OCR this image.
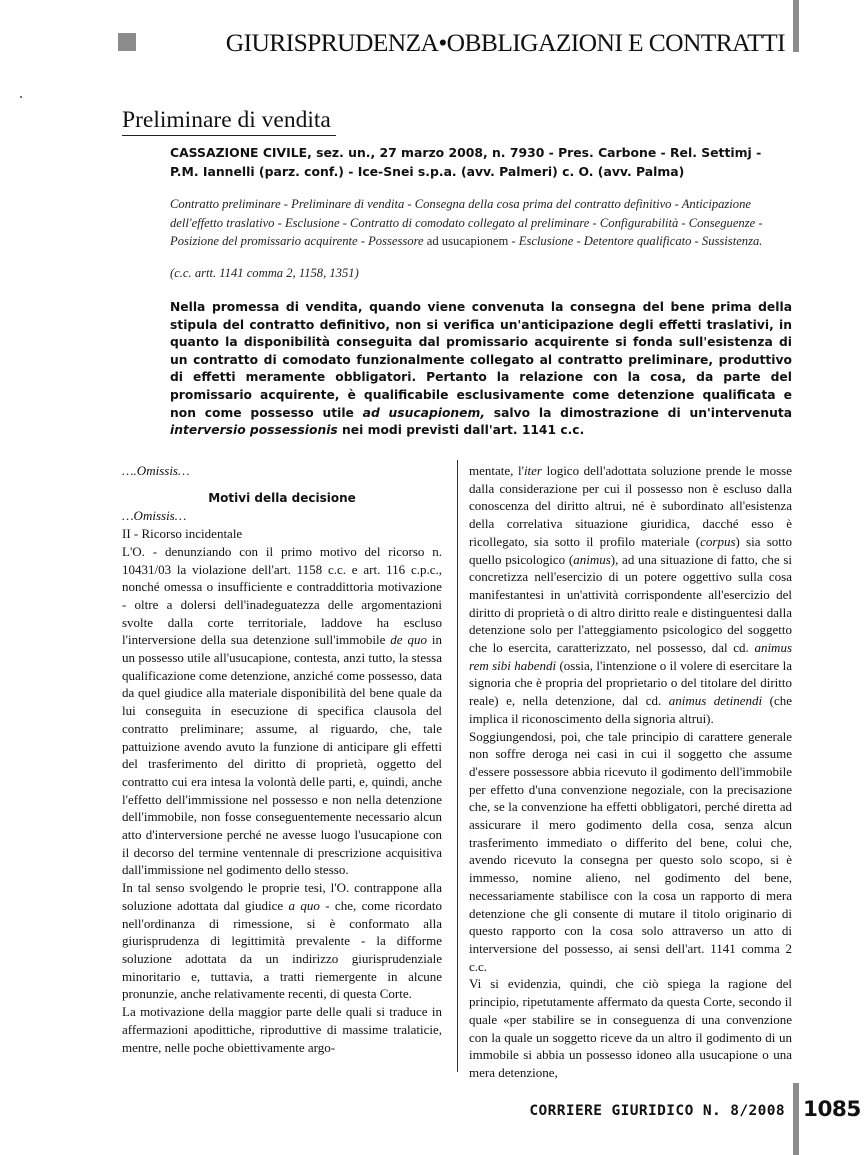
GIURISPRUDENZA•OBBLIGAZIONI E CONTRATTI
Preliminare di vendita
CASSAZIONE CIVILE, sez. un., 27 marzo 2008, n. 7930 - Pres. Carbone - Rel. Settimj - P.M. Iannelli (parz. conf.) - Ice-Snei s.p.a. (avv. Palmeri) c. O. (avv. Palma)
Contratto preliminare - Preliminare di vendita - Consegna della cosa prima del contratto definitivo - Anticipazione dell'effetto traslativo - Esclusione - Contratto di comodato collegato al preliminare - Configurabilità - Conseguenze - Posizione del promissario acquirente - Possessore ad usucapionem - Esclusione - Detentore qualificato - Sussistenza.
(c.c. artt. 1141 comma 2, 1158, 1351)
Nella promessa di vendita, quando viene convenuta la consegna del bene prima della stipula del contratto definitivo, non si verifica un'anticipazione degli effetti traslativi, in quanto la disponibilità conseguita dal promissario acquirente si fonda sull'esistenza di un contratto di comodato funzionalmente collegato al contratto preliminare, produttivo di effetti meramente obbligatori. Pertanto la relazione con la cosa, da parte del promissario acquirente, è qualificabile esclusivamente come detenzione qualificata e non come possesso utile ad usucapionem, salvo la dimostrazione di un'intervenuta interversio possessionis nei modi previsti dall'art. 1141 c.c.

….Omissis…

Motivi della decisione

…Omissis…

II - Ricorso incidentale

L'O. - denunziando con il primo motivo del ricorso n. 10431/03 la violazione dell'art. 1158 c.c. e art. 116 c.p.c., nonché omessa o insufficiente e contraddittoria motivazione - oltre a dolersi dell'inadeguatezza delle argomentazioni svolte dalla corte territoriale, laddove ha escluso l'interversione della sua detenzione sull'immobile de quo in un possesso utile all'usucapione, contesta, anzi tutto, la stessa qualificazione come detenzione, anziché come possesso, data da quel giudice alla materiale disponibilità del bene quale da lui conseguita in esecuzione di specifica clausola del contratto preliminare; assume, al riguardo, che, tale pattuizione avendo avuto la funzione di anticipare gli effetti del trasferimento del diritto di proprietà, oggetto del contratto cui era intesa la volontà delle parti, e, quindi, anche l'effetto dell'immissione nel possesso e non nella detenzione dell'immobile, non fosse conseguentemente necessario alcun atto d'interversione perché ne avesse luogo l'usucapione con il decorso del termine ventennale di prescrizione acquisitiva dall'immissione nel godimento dello stesso.

In tal senso svolgendo le proprie tesi, l'O. contrappone alla soluzione adottata dal giudice a quo - che, come ricordato nell'ordinanza di rimessione, si è conformato alla giurisprudenza di legittimità prevalente - la difforme soluzione adottata da un indirizzo giurisprudenziale minoritario e, tuttavia, a tratti riemergente in alcune pronunzie, anche relativamente recenti, di questa Corte.

La motivazione della maggior parte delle quali si traduce in affermazioni apodittiche, riproduttive di massime tralaticie, mentre, nelle poche obiettivamente argo-

mentate, l'iter logico dell'adottata soluzione prende le mosse dalla considerazione per cui il possesso non è escluso dalla conoscenza del diritto altrui, né è subordinato all'esistenza della correlativa situazione giuridica, dacché esso è ricollegato, sia sotto il profilo materiale (corpus) sia sotto quello psicologico (animus), ad una situazione di fatto, che si concretizza nell'esercizio di un potere oggettivo sulla cosa manifestantesi in un'attività corrispondente all'esercizio del diritto di proprietà o di altro diritto reale e distinguentesi dalla detenzione solo per l'atteggiamento psicologico del soggetto che lo esercita, caratterizzato, nel possesso, dal cd. animus rem sibi habendi (ossia, l'intenzione o il volere di esercitare la signoria che è propria del proprietario o del titolare del diritto reale) e, nella detenzione, dal cd. animus detinendi (che implica il riconoscimento della signoria altrui).

Soggiungendosi, poi, che tale principio di carattere generale non soffre deroga nei casi in cui il soggetto che assume d'essere possessore abbia ricevuto il godimento dell'immobile per effetto d'una convenzione negoziale, con la precisazione che, se la convenzione ha effetti obbligatori, perché diretta ad assicurare il mero godimento della cosa, senza alcun trasferimento immediato o differito del bene, colui che, avendo ricevuto la consegna per questo solo scopo, si è immesso, nomine alieno, nel godimento del bene, necessariamente stabilisce con la cosa un rapporto di mera detenzione che gli consente di mutare il titolo originario di questo rapporto con la cosa solo attraverso un atto di interversione del possesso, ai sensi dell'art. 1141 comma 2 c.c.

Vi si evidenzia, quindi, che ciò spiega la ragione del principio, ripetutamente affermato da questa Corte, secondo il quale «per stabilire se in conseguenza di una convenzione con la quale un soggetto riceve da un altro il godimento di un immobile si abbia un possesso idoneo alla usucapione o una mera detenzione,

CORRIERE GIURIDICO N. 8/2008 1085
